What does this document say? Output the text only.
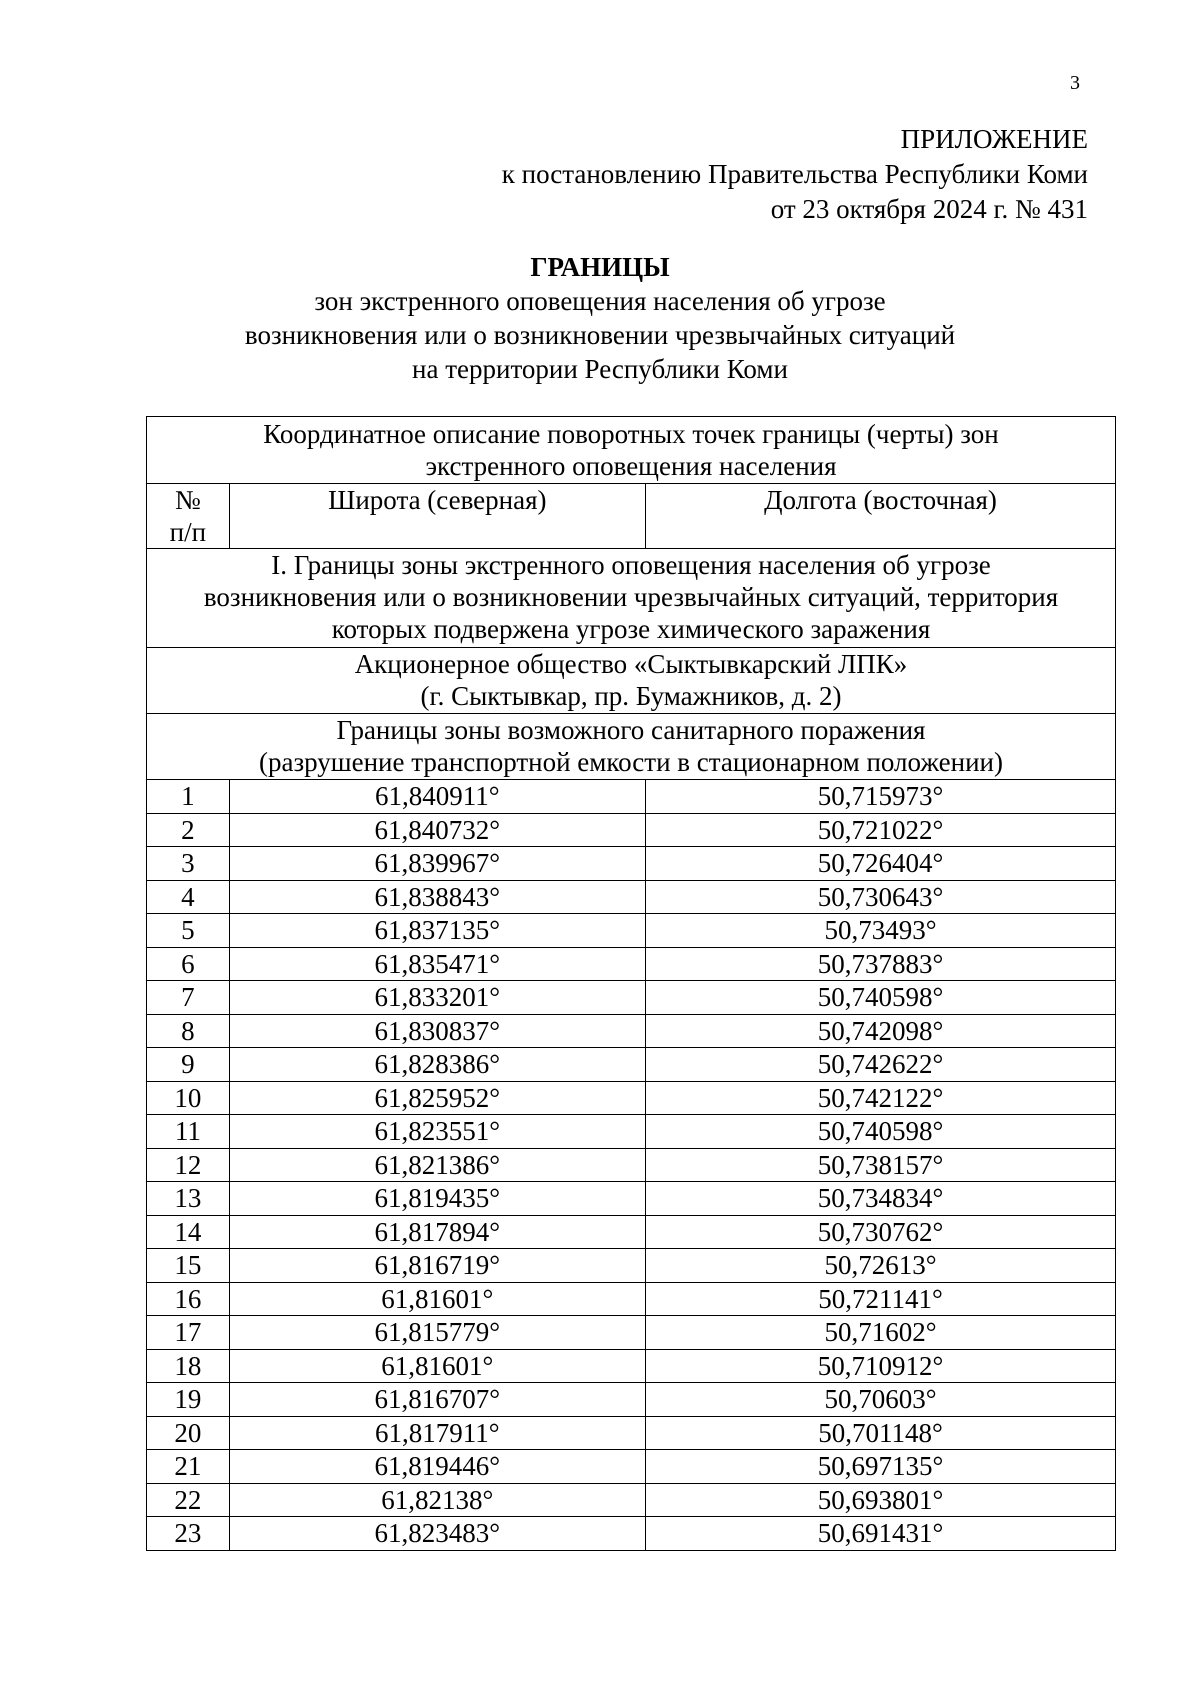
3
ПРИЛОЖЕНИЕ
к постановлению Правительства Республики Коми
от 23 октября 2024 г. № 431
ГРАНИЦЫ
зон экстренного оповещения населения об угрозе
возникновения или о возникновении чрезвычайных ситуаций
на территории Республики Коми
Координатное описание поворотных точек границы (черты) зон
экстренного оповещения населения		

№
п/п	Широта (северная)	Долгота (восточная)

I. Границы зоны экстренного оповещения населения об угрозе
возникновения или о возникновении чрезвычайных ситуаций, территория
которых подвержена угрозе химического заражения		

Акционерное общество «Сыктывкарский ЛПК»
(г. Сыктывкар, пр. Бумажников, д. 2)		

Границы зоны возможного санитарного поражения
(разрушение транспортной емкости в стационарном положении)		

1	61,840911°	50,715973°
2	61,840732°	50,721022°
3	61,839967°	50,726404°
4	61,838843°	50,730643°
5	61,837135°	50,73493°
6	61,835471°	50,737883°
7	61,833201°	50,740598°
8	61,830837°	50,742098°
9	61,828386°	50,742622°
10	61,825952°	50,742122°
11	61,823551°	50,740598°
12	61,821386°	50,738157°
13	61,819435°	50,734834°
14	61,817894°	50,730762°
15	61,816719°	50,72613°
16	61,81601°	50,721141°
17	61,815779°	50,71602°
18	61,81601°	50,710912°
19	61,816707°	50,70603°
20	61,817911°	50,701148°
21	61,819446°	50,697135°
22	61,82138°	50,693801°
23	61,823483°	50,691431°
